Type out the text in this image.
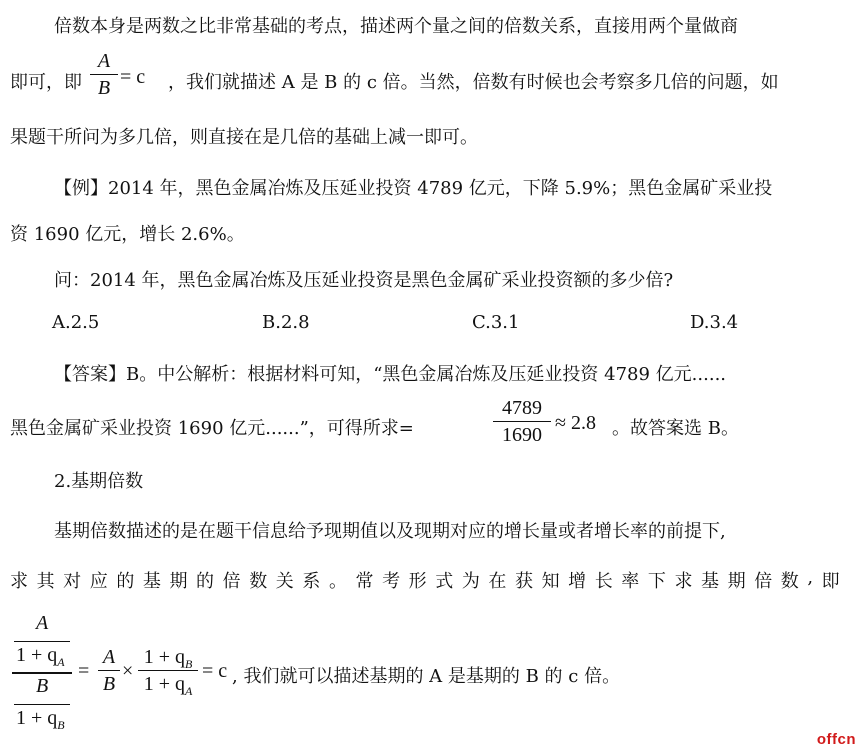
倍数本身是两数之比非常基础的考点，描述两个量之间的倍数关系，直接用两个量做商
即可，即
A
B = c ，我们就描述 A 是 B 的 c 倍。当然，倍数有时候也会考察多几倍的问题，如
果题干所问为多几倍，则直接在是几倍的基础上减一即可。
【例】2014 年，黑色金属冶炼及压延业投资 4789 亿元，下降 5.9%；黑色金属矿采业投
资 1690 亿元，增长 2.6%。
问：2014 年，黑色金属冶炼及压延业投资是黑色金属矿采业投资额的多少倍?
A.2.5	B.2.8	C.3.1	D.3.4
【答案】B。中公解析：根据材料可知，“黑色金属冶炼及压延业投资 4789 亿元......
黑色金属矿采业投资 1690 亿元......”，可得所求=
4789
1690
≈ 2.8 。故答案选 B。
2.基期倍数
基期倍数描述的是在题干信息给予现期值以及现期对应的增长量或者增长率的前提下,
求 其 对 应 的 基 期 的 倍 数 关 系 。 常 考 形 式 为 在 获 知 增 长 率 下 求 基 期 倍 数 , 即
A
$1 + q_A$
B
$1 + q_B$
=
A
B
×
$1 + q_B$
$1 + q_A$
= c , 我们就可以描述基期的 A 是基期的 B 的 c 倍。
offcn
